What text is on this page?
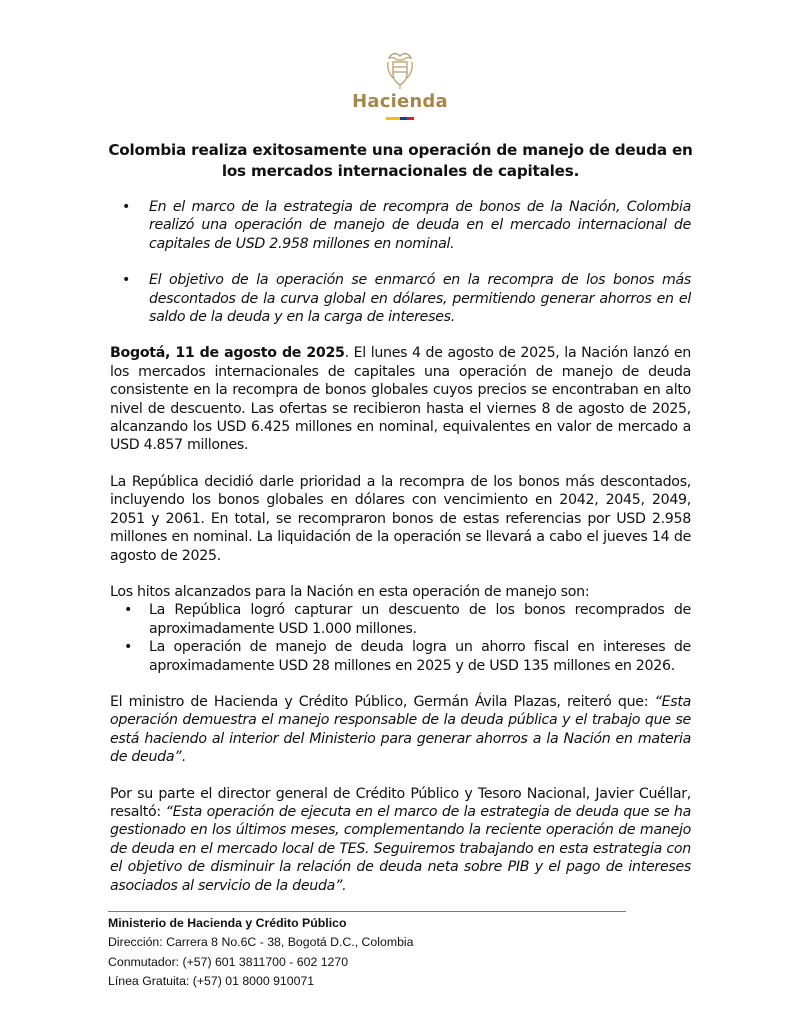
Hacienda
Colombia realiza exitosamente una operación de manejo de deuda en los mercados internacionales de capitales.
• En el marco de la estrategia de recompra de bonos de la Nación, Colombia realizó una operación de manejo de deuda en el mercado internacional de capitales de USD 2.958 millones en nominal.
• El objetivo de la operación se enmarcó en la recompra de los bonos más descontados de la curva global en dólares, permitiendo generar ahorros en el saldo de la deuda y en la carga de intereses.

Bogotá, 11 de agosto de 2025. El lunes 4 de agosto de 2025, la Nación lanzó en los mercados internacionales de capitales una operación de manejo de deuda consistente en la recompra de bonos globales cuyos precios se encontraban en alto nivel de descuento. Las ofertas se recibieron hasta el viernes 8 de agosto de 2025, alcanzando los USD 6.425 millones en nominal, equivalentes en valor de mercado a USD 4.857 millones.

La República decidió darle prioridad a la recompra de los bonos más descontados, incluyendo los bonos globales en dólares con vencimiento en 2042, 2045, 2049, 2051 y 2061. En total, se recompraron bonos de estas referencias por USD 2.958 millones en nominal. La liquidación de la operación se llevará a cabo el jueves 14 de agosto de 2025.

Los hitos alcanzados para la Nación en esta operación de manejo son:
• La República logró capturar un descuento de los bonos recomprados de aproximadamente USD 1.000 millones.
• La operación de manejo de deuda logra un ahorro fiscal en intereses de aproximadamente USD 28 millones en 2025 y de USD 135 millones en 2026.

El ministro de Hacienda y Crédito Público, Germán Ávila Plazas, reiteró que: “Esta operación demuestra el manejo responsable de la deuda pública y el trabajo que se está haciendo al interior del Ministerio para generar ahorros a la Nación en materia de deuda”.

Por su parte el director general de Crédito Público y Tesoro Nacional, Javier Cuéllar, resaltó: “Esta operación de ejecuta en el marco de la estrategia de deuda que se ha gestionado en los últimos meses, complementando la reciente operación de manejo de deuda en el mercado local de TES. Seguiremos trabajando en esta estrategia con el objetivo de disminuir la relación de deuda neta sobre PIB y el pago de intereses asociados al servicio de la deuda”.

Ministerio de Hacienda y Crédito Público
Dirección: Carrera 8 No.6C - 38, Bogotá D.C., Colombia
Conmutador: (+57) 601 3811700 - 602 1270
Línea Gratuita: (+57) 01 8000 910071
